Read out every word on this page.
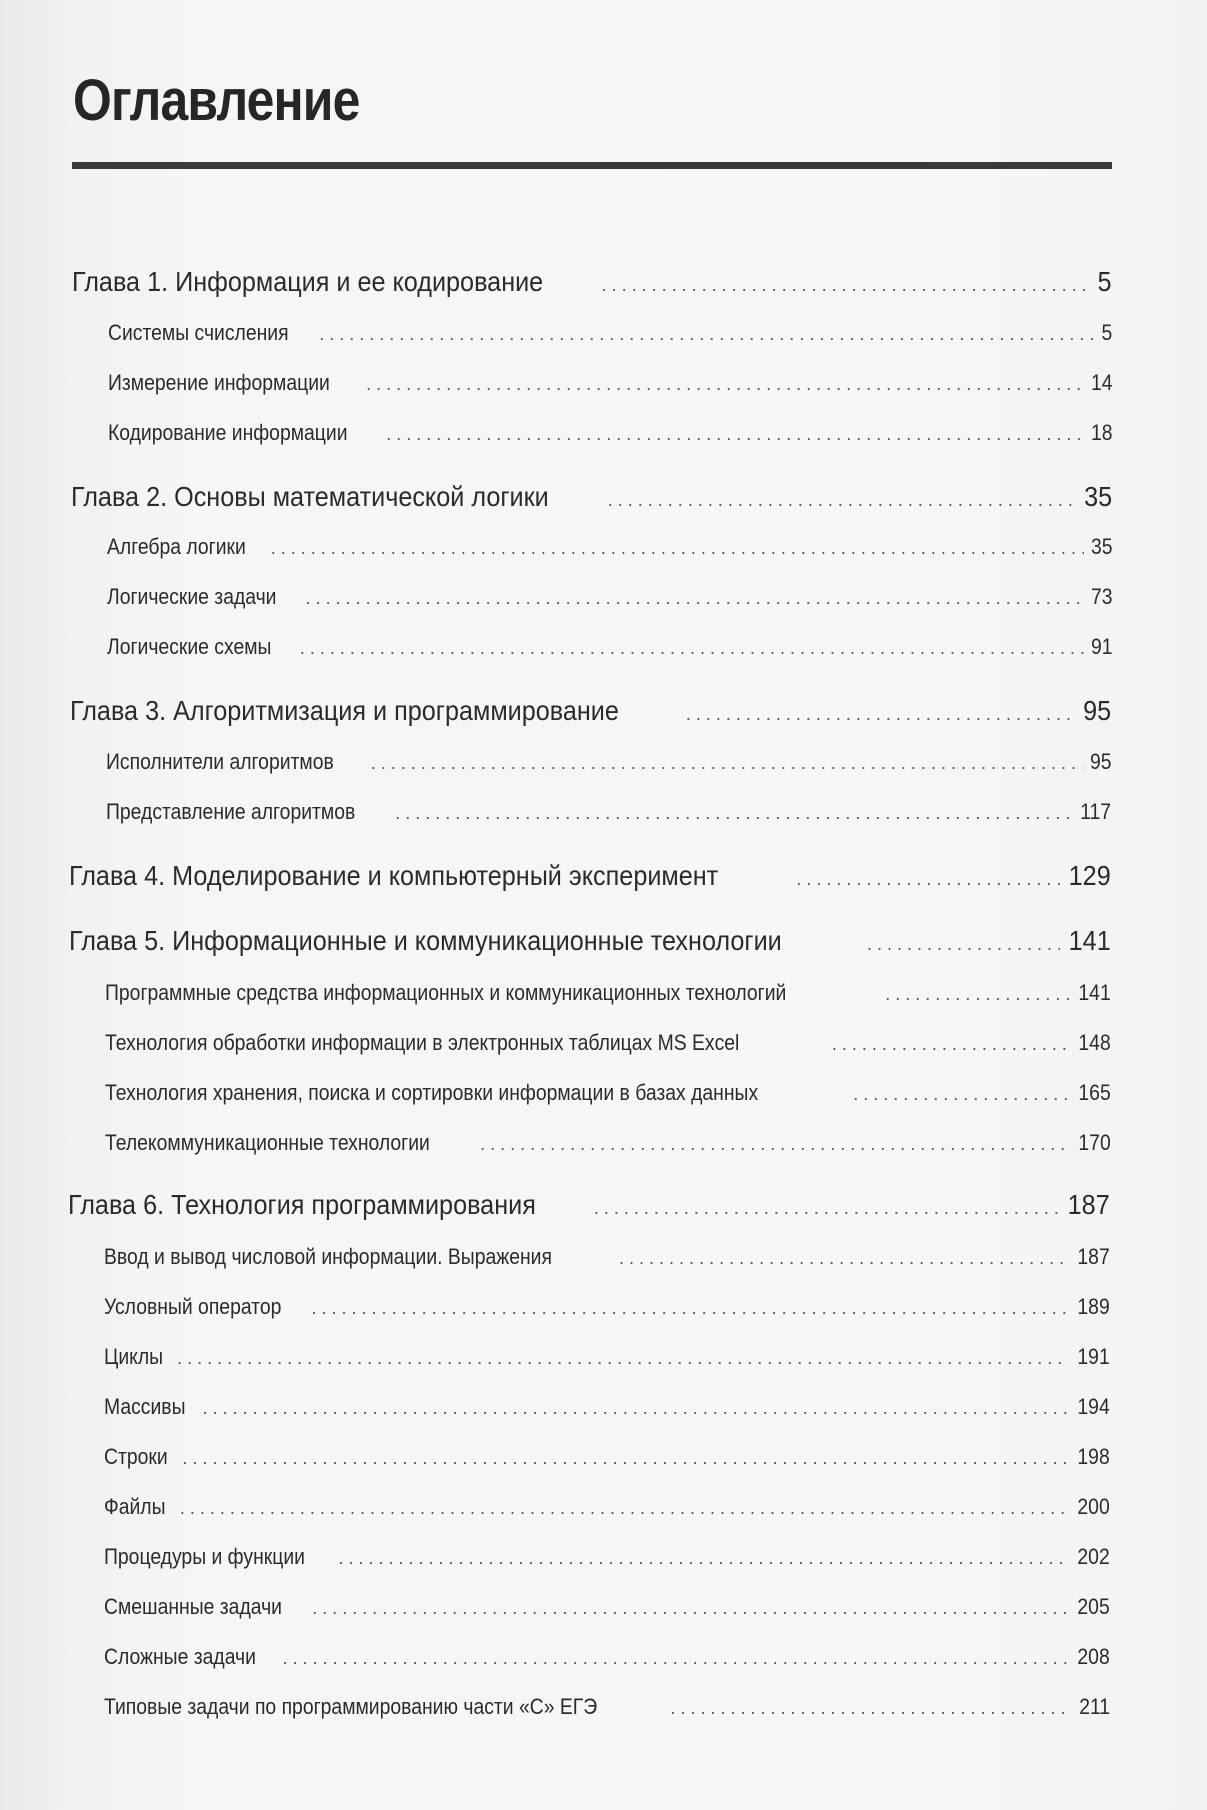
Оглавление
Глава 1. Информация и ее кодирование . . .	5
Системы счисления . . .	5
Измерение информации . . .	14
Кодирование информации . . .	18
Глава 2. Основы математической логики . . .	35
Алгебра логики . . .	35
Логические задачи . . .	73
Логические схемы . . .	91
Глава 3. Алгоритмизация и программирование . . .	95
Исполнители алгоритмов . . .	95
Представление алгоритмов . . .	117
Глава 4. Моделирование и компьютерный эксперимент . . .	129
Глава 5. Информационные и коммуникационные технологии . . .	141
Программные средства информационных и коммуникационных технологий . . .	141
Технология обработки информации в электронных таблицах MS Excel . . .	148
Технология хранения, поиска и сортировки информации в базах данных . . .	165
Телекоммуникационные технологии . . .	170
Глава 6. Технология программирования . . .	187
Ввод и вывод числовой информации. Выражения . . .	187
Условный оператор . . .	189
Циклы . . .	191
Массивы . . .	194
Строки . . .	198
Файлы . . .	200
Процедуры и функции . . .	202
Смешанные задачи . . .	205
Сложные задачи . . .	208
Типовые задачи по программированию части «С» ЕГЭ . . .	211
